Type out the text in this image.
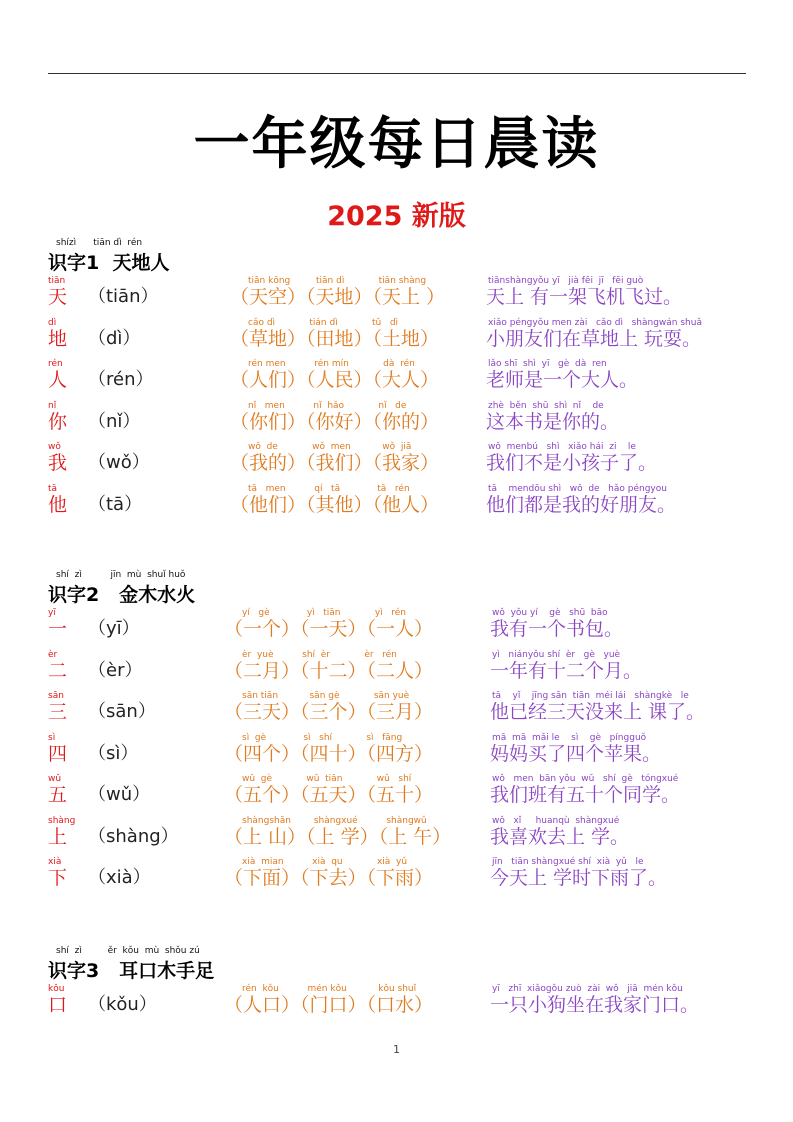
一年级每日晨读
2025 新版
shízì      tiān dì  rén
识字1  天地人
tiān
天 （tiān）
tiān kōng         tiān dì            tiān shàng
（天空）（天地）（天上 ）
tiānshàngyǒu yī   jià fēi  jī   fēi guò
天上 有一架飞机飞过。
dì
地 （dì）
cǎo dì            tián dì            tǔ   dì
（草地）（田地）（土地）
xiǎo péngyǒu men zài   cǎo dì   shàngwán shuǎ
小朋友们在草地上 玩耍。
rén
人 （rén）
rén men          rén mín            dà  rén
（人们）（人民）（大人）
lǎo shī  shì  yī   gè  dà  ren
老师是一个大人。
nǐ
你 （nǐ）
nǐ   men          nǐ  hǎo            nǐ   de
（你们）（你好）（你的）
zhè  běn  shū  shì  nǐ    de
这本书是你的。
wǒ
我 （wǒ）
wǒ  de            wǒ  men           wǒ  jiā
（我的）（我们）（我家）
wǒ  menbú   shì   xiǎo hái  zi    le
我们不是小孩子了。
tā
他 （tā）
tā   men          qí   tā             tā   rén
（他们）（其他）（他人）
tā    mendōu shì   wǒ  de   hǎo péngyou
他们都是我的好朋友。
shí  zì          jīn  mù  shuǐ huǒ
识字2   金木水火
yī
一 （yī）
yí   gè             yì   tiān            yì   rén
（一个）（一天）（一人）
wǒ  yǒu yí    gè   shū  bāo
我有一个书包。
èr
二 （èr）
èr  yuè          shí  èr            èr   rén
（二月）（十二）（二人）
yì   niányǒu shí  èr   gè   yuè
一年有十二个月。
sān
三 （sān）
sān tiān           sān gè            sān yuè
（三天）（三个）（三月）
tā    yǐ    jīng sān  tiān  méi lái   shàngkè   le
他已经三天没来上 课了。
sì
四 （sì）
sì  gè             sì   shí            sì   fāng
（四个）（四十）（四方）
mā  mā  mǎi le    sì    gè   píngguǒ
妈妈买了四个苹果。
wǔ
五 （wǔ）
wǔ  gè            wǔ  tiān            wǔ   shí
（五个）（五天）（五十）
wǒ   men  bān yǒu  wǔ   shí  gè   tóngxué
我们班有五十个同学。
shàng
上 （shàng）
shàngshān        shàngxué          shàngwǔ
（上 山）（上 学）（上 午）
wǒ   xǐ     huanqù  shàngxué
我喜欢去上 学。
xià
下 （xià）
xià  mian          xià  qu            xià  yǔ
（下面）（下去）（下雨）
jīn   tiān shàngxué shí  xià  yǔ   le
今天上 学时下雨了。
shí  zì         ěr  kǒu  mù  shǒu zú
识字3   耳口木手足
kǒu
口 （kǒu）
rén  kǒu          mén kǒu           kǒu shuǐ
（人口）（门口）（口水）
yī   zhī  xiǎogǒu zuò  zài  wǒ   jiā  mén kǒu
一只小狗坐在我家门口。
1
